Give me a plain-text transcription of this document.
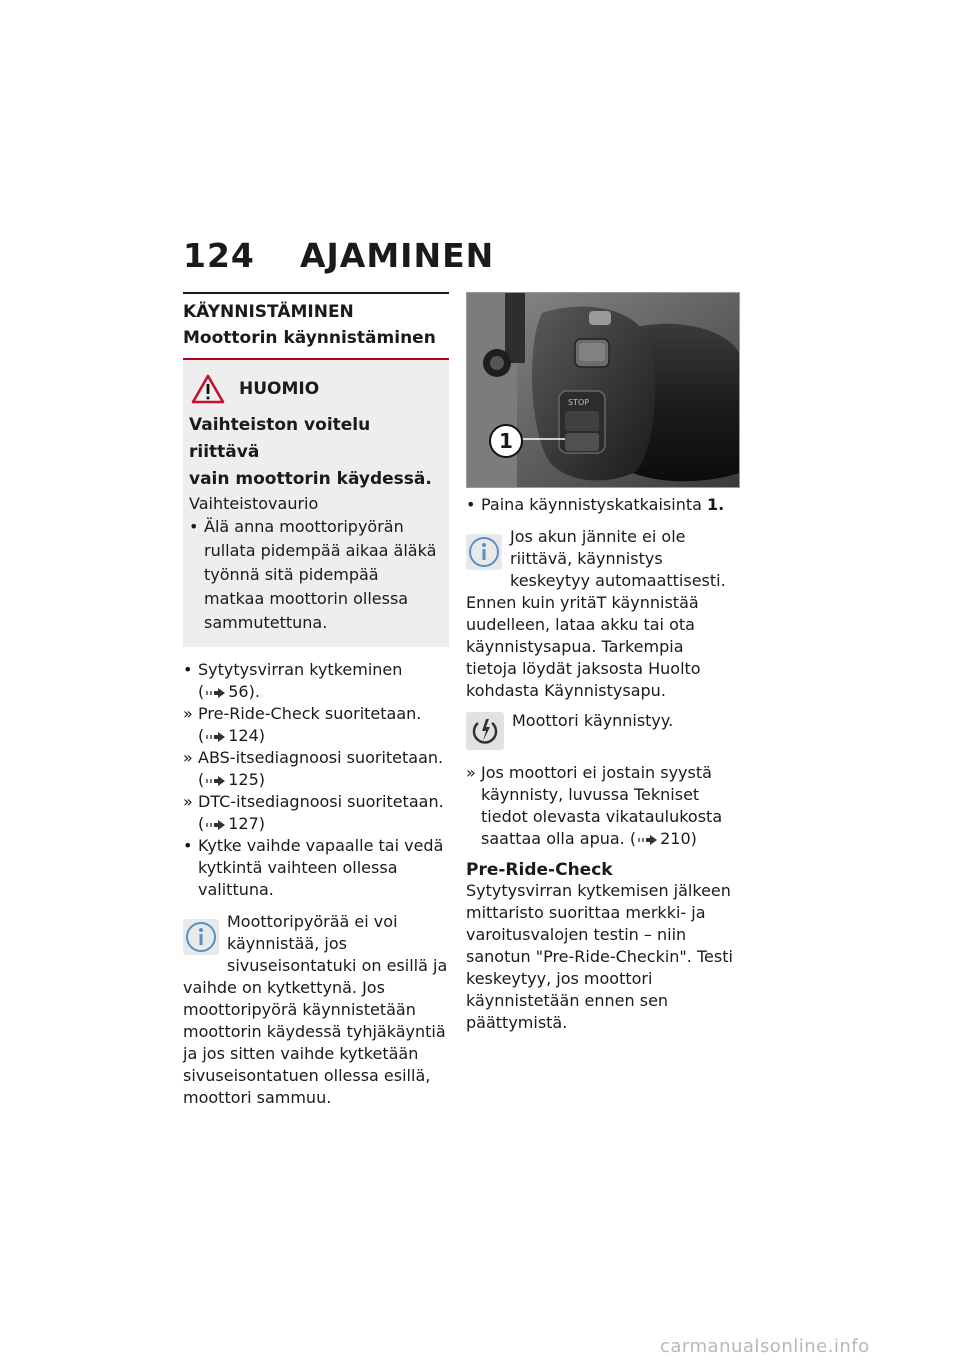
124 AJAMINEN
KÄYNNISTÄMINEN
Moottorin käynnistäminen
HUOMIO
Vaihteiston voitelu riittävä
vain moottorin käydessä.
Vaihteistovaurio
• Älä anna moottoripyörän rullata pidempää aikaa äläkä työnnä sitä pidempää matkaa moottorin ollessa sammutettuna.
• Sytytysvirran kytkeminen ( 56).
» Pre-Ride-Check suoritetaan. ( 124)
» ABS-itsediagnoosi suoritetaan. ( 125)
» DTC-itsediagnoosi suoritetaan. ( 127)
• Kytke vaihde vapaalle tai vedä kytkintä vaihteen ollessa valittuna.
Moottoripyörää ei voi käynnistää, jos sivuseisontatuki on esillä ja vaihde on kytkettynä. Jos moottoripyörä käynnistetään moottorin käydessä tyhjäkäyntiä ja jos sitten vaihde kytketään sivuseisontatuen ollessa esillä, moottori sammuu.
STOP
1
• Paina käynnistyskatkaisinta 1.
Jos akun jännite ei ole riittävä, käynnistys keskeytyy automaattisesti. Ennen kuin yritäT käynnistää uudelleen, lataa akku tai ota käynnistysapua. Tarkempia tietoja löydät jaksosta Huolto kohdasta Käynnistysapu.
Moottori käynnistyy.
» Jos moottori ei jostain syystä käynnisty, luvussa Tekniset tiedot olevasta vikataulukosta saattaa olla apua. ( 210)
Pre-Ride-Check
Sytytysvirran kytkemisen jälkeen mittaristo suorittaa merkki- ja varoitusvalojen testin – niin sanotun "Pre-Ride-Checkin". Testi keskeytyy, jos moottori käynnistetään ennen sen päättymistä.
carmanualsonline.info
